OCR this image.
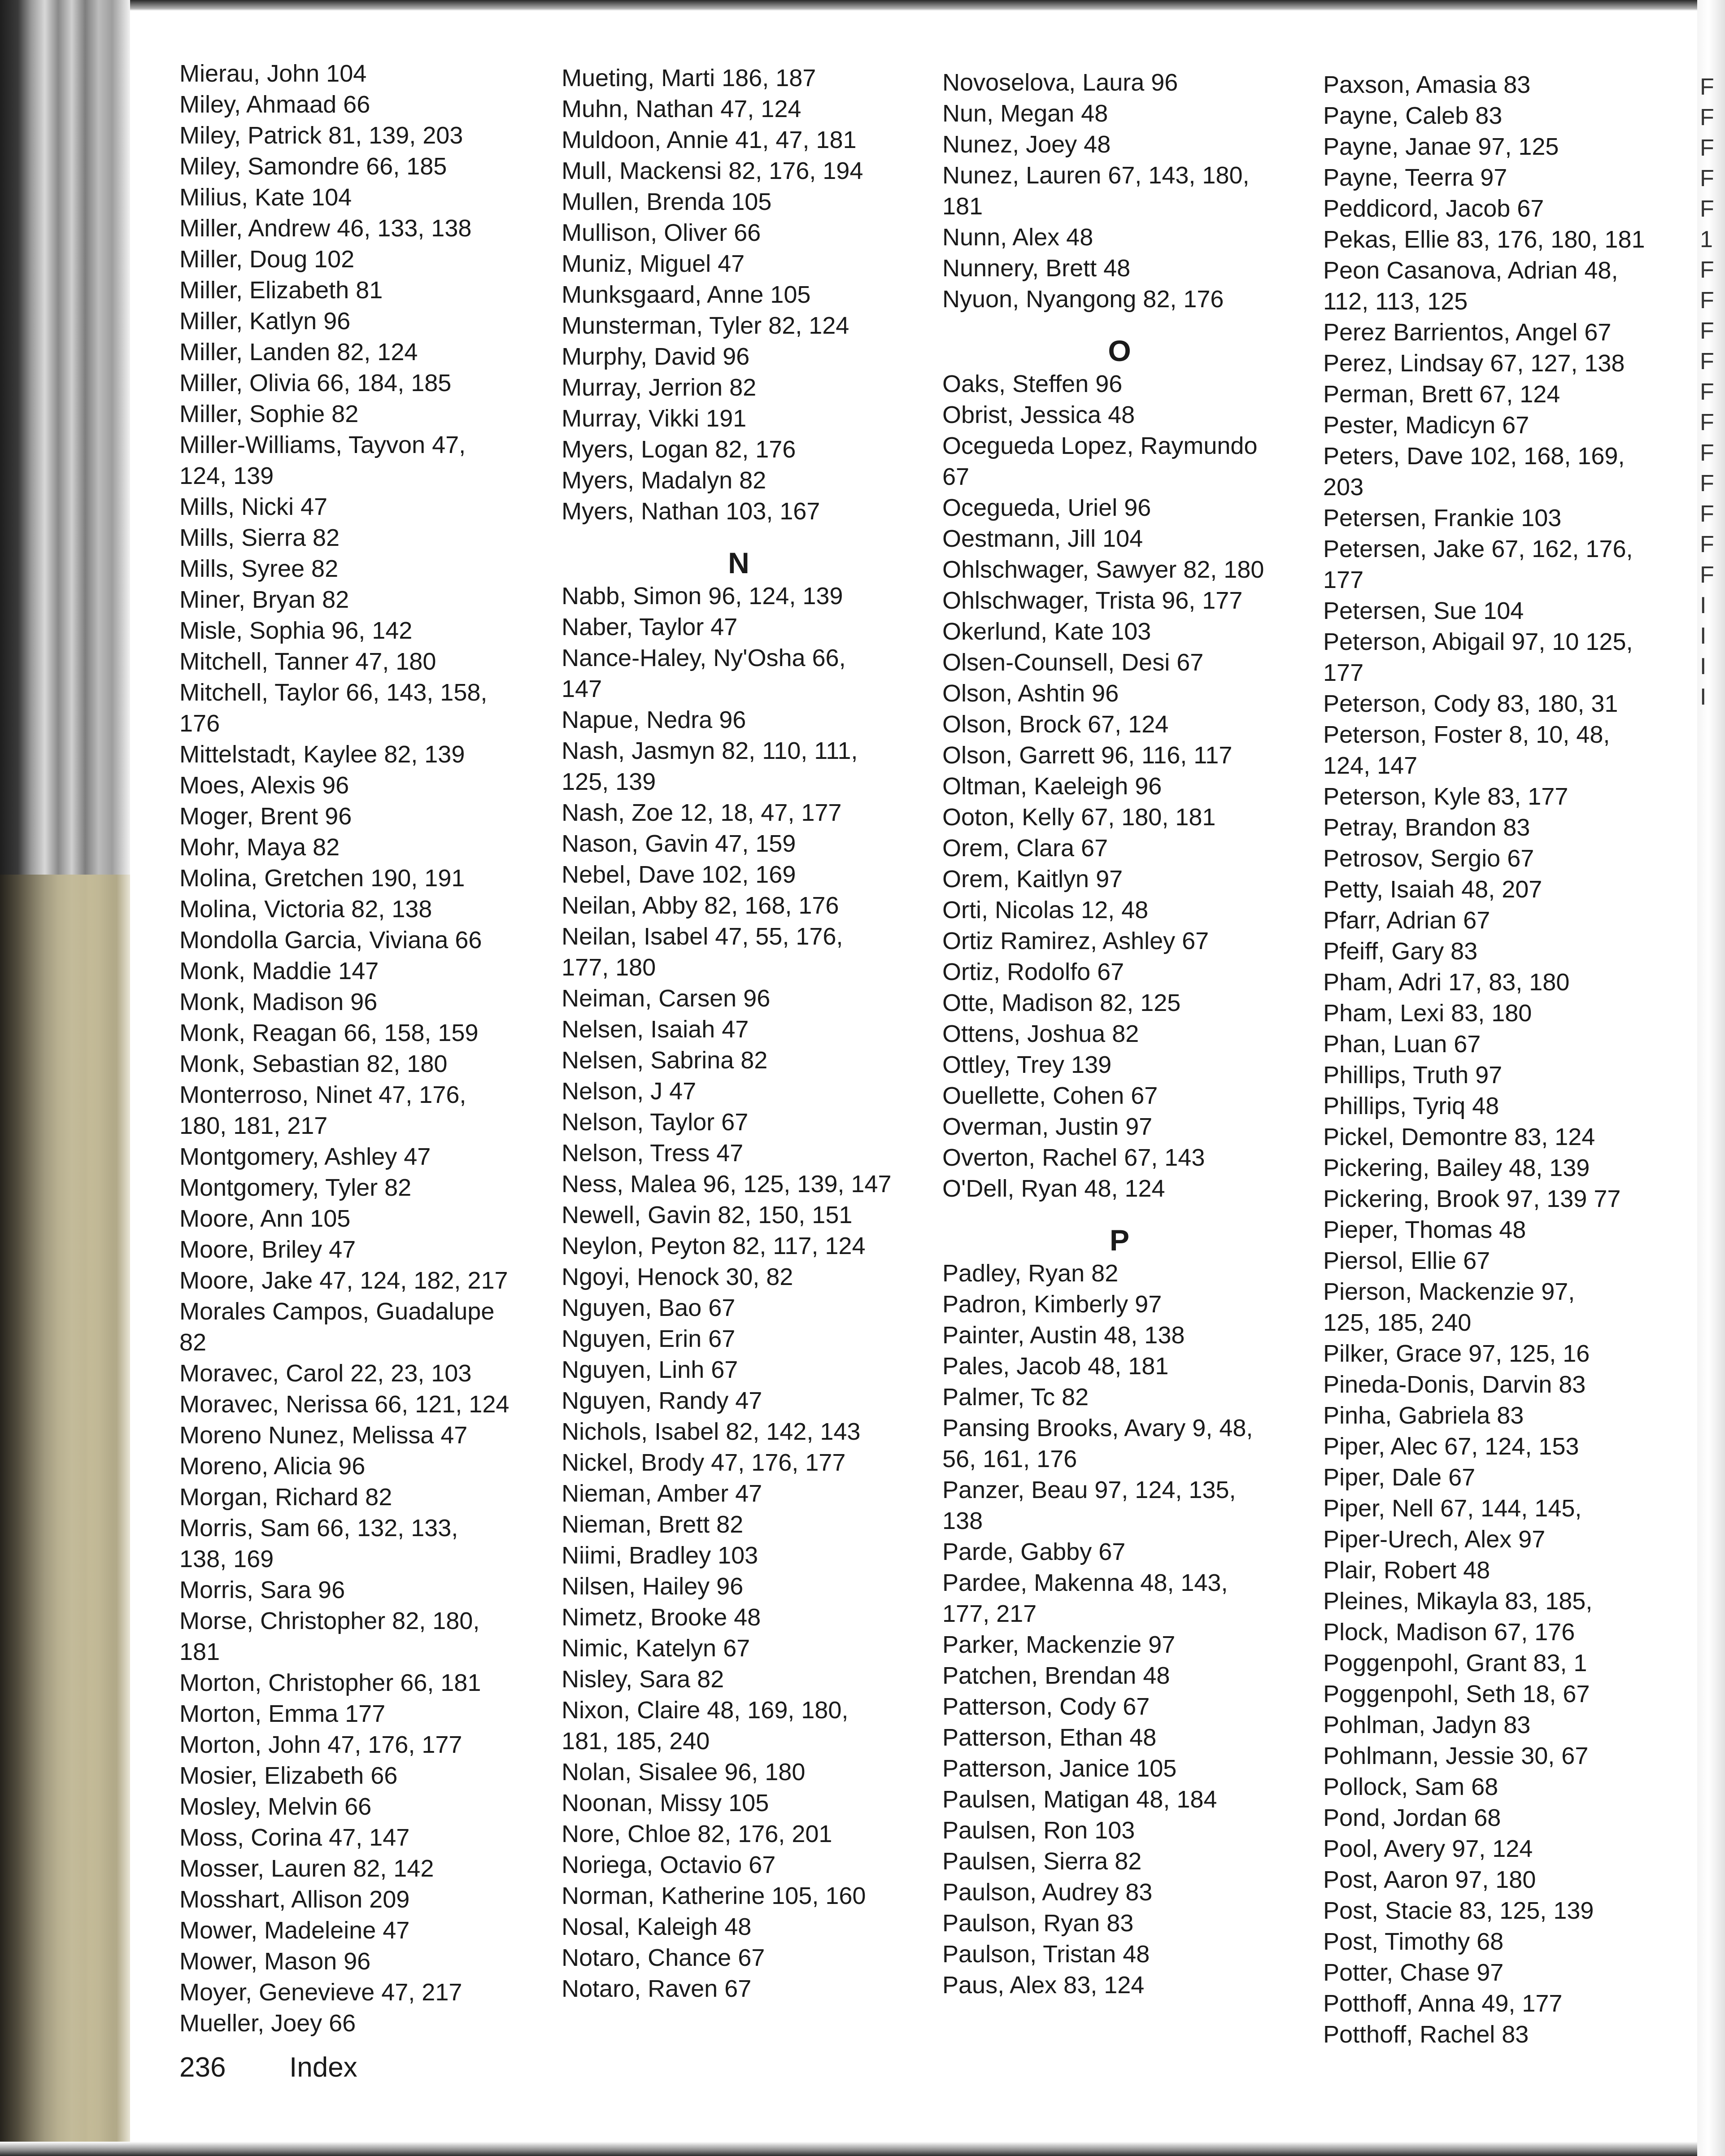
F
F
F
F
F
1
F
F
F
F
F
F
F
F
F
F
F
I
I
I
I
Mierau, John 104
Miley, Ahmaad 66
Miley, Patrick 81, 139, 203
Miley, Samondre 66, 185
Milius, Kate 104
Miller, Andrew 46, 133, 138
Miller, Doug 102
Miller, Elizabeth 81
Miller, Katlyn 96
Miller, Landen 82, 124
Miller, Olivia 66, 184, 185
Miller, Sophie 82
Miller-Williams, Tayvon 47,
124, 139
Mills, Nicki 47
Mills, Sierra 82
Mills, Syree 82
Miner, Bryan 82
Misle, Sophia 96, 142
Mitchell, Tanner 47, 180
Mitchell, Taylor 66, 143, 158,
176
Mittelstadt, Kaylee 82, 139
Moes, Alexis 96
Moger, Brent 96
Mohr, Maya 82
Molina, Gretchen 190, 191
Molina, Victoria 82, 138
Mondolla Garcia, Viviana 66
Monk, Maddie 147
Monk, Madison 96
Monk, Reagan 66, 158, 159
Monk, Sebastian 82, 180
Monterroso, Ninet 47, 176,
180, 181, 217
Montgomery, Ashley 47
Montgomery, Tyler 82
Moore, Ann 105
Moore, Briley 47
Moore, Jake 47, 124, 182, 217
Morales Campos, Guadalupe
82
Moravec, Carol 22, 23, 103
Moravec, Nerissa 66, 121, 124
Moreno Nunez, Melissa 47
Moreno, Alicia 96
Morgan, Richard 82
Morris, Sam 66, 132, 133,
138, 169
Morris, Sara 96
Morse, Christopher 82, 180,
181
Morton, Christopher 66, 181
Morton, Emma 177
Morton, John 47, 176, 177
Mosier, Elizabeth 66
Mosley, Melvin 66
Moss, Corina 47, 147
Mosser, Lauren 82, 142
Mosshart, Allison 209
Mower, Madeleine 47
Mower, Mason 96
Moyer, Genevieve 47, 217
Mueller, Joey 66
Mueting, Marti 186, 187
Muhn, Nathan 47, 124
Muldoon, Annie 41, 47, 181
Mull, Mackensi 82, 176, 194
Mullen, Brenda 105
Mullison, Oliver 66
Muniz, Miguel 47
Munksgaard, Anne 105
Munsterman, Tyler 82, 124
Murphy, David 96
Murray, Jerrion 82
Murray, Vikki 191
Myers, Logan 82, 176
Myers, Madalyn 82
Myers, Nathan 103, 167
N
Nabb, Simon 96, 124, 139
Naber, Taylor 47
Nance-Haley, Ny'Osha 66,
147
Napue, Nedra 96
Nash, Jasmyn 82, 110, 111,
125, 139
Nash, Zoe 12, 18, 47, 177
Nason, Gavin 47, 159
Nebel, Dave 102, 169
Neilan, Abby 82, 168, 176
Neilan, Isabel 47, 55, 176,
177, 180
Neiman, Carsen 96
Nelsen, Isaiah 47
Nelsen, Sabrina 82
Nelson, J 47
Nelson, Taylor 67
Nelson, Tress 47
Ness, Malea 96, 125, 139, 147
Newell, Gavin 82, 150, 151
Neylon, Peyton 82, 117, 124
Ngoyi, Henock 30, 82
Nguyen, Bao 67
Nguyen, Erin 67
Nguyen, Linh 67
Nguyen, Randy 47
Nichols, Isabel 82, 142, 143
Nickel, Brody 47, 176, 177
Nieman, Amber 47
Nieman, Brett 82
Niimi, Bradley 103
Nilsen, Hailey 96
Nimetz, Brooke 48
Nimic, Katelyn 67
Nisley, Sara 82
Nixon, Claire 48, 169, 180,
181, 185, 240
Nolan, Sisalee 96, 180
Noonan, Missy 105
Nore, Chloe 82, 176, 201
Noriega, Octavio 67
Norman, Katherine 105, 160
Nosal, Kaleigh 48
Notaro, Chance 67
Notaro, Raven 67
Novoselova, Laura 96
Nun, Megan 48
Nunez, Joey 48
Nunez, Lauren 67, 143, 180,
181
Nunn, Alex 48
Nunnery, Brett 48
Nyuon, Nyangong 82, 176
O
Oaks, Steffen 96
Obrist, Jessica 48
Ocegueda Lopez, Raymundo
67
Ocegueda, Uriel 96
Oestmann, Jill 104
Ohlschwager, Sawyer 82, 180
Ohlschwager, Trista 96, 177
Okerlund, Kate 103
Olsen-Counsell, Desi 67
Olson, Ashtin 96
Olson, Brock 67, 124
Olson, Garrett 96, 116, 117
Oltman, Kaeleigh 96
Ooton, Kelly 67, 180, 181
Orem, Clara 67
Orem, Kaitlyn 97
Orti, Nicolas 12, 48
Ortiz Ramirez, Ashley 67
Ortiz, Rodolfo 67
Otte, Madison 82, 125
Ottens, Joshua 82
Ottley, Trey 139
Ouellette, Cohen 67
Overman, Justin 97
Overton, Rachel 67, 143
O'Dell, Ryan 48, 124
P
Padley, Ryan 82
Padron, Kimberly 97
Painter, Austin 48, 138
Pales, Jacob 48, 181
Palmer, Tc 82
Pansing Brooks, Avary 9, 48,
56, 161, 176
Panzer, Beau 97, 124, 135,
138
Parde, Gabby 67
Pardee, Makenna 48, 143,
177, 217
Parker, Mackenzie 97
Patchen, Brendan 48
Patterson, Cody 67
Patterson, Ethan 48
Patterson, Janice 105
Paulsen, Matigan 48, 184
Paulsen, Ron 103
Paulsen, Sierra 82
Paulson, Audrey 83
Paulson, Ryan 83
Paulson, Tristan 48
Paus, Alex 83, 124
Paxson, Amasia 83
Payne, Caleb 83
Payne, Janae 97, 125
Payne, Teerra 97
Peddicord, Jacob 67
Pekas, Ellie 83, 176, 180, 181
Peon Casanova, Adrian 48,
112, 113, 125
Perez Barrientos, Angel 67
Perez, Lindsay 67, 127, 138
Perman, Brett 67, 124
Pester, Madicyn 67
Peters, Dave 102, 168, 169,
203
Petersen, Frankie 103
Petersen, Jake 67, 162, 176,
177
Petersen, Sue 104
Peterson, Abigail 97, 10 125,
177
Peterson, Cody 83, 180, 31
Peterson, Foster 8, 10, 48,
124, 147
Peterson, Kyle 83, 177
Petray, Brandon 83
Petrosov, Sergio 67
Petty, Isaiah 48, 207
Pfarr, Adrian 67
Pfeiff, Gary 83
Pham, Adri 17, 83, 180
Pham, Lexi 83, 180
Phan, Luan 67
Phillips, Truth 97
Phillips, Tyriq 48
Pickel, Demontre 83, 124
Pickering, Bailey 48, 139
Pickering, Brook 97, 139 77
Pieper, Thomas 48
Piersol, Ellie 67
Pierson, Mackenzie 97,
125, 185, 240
Pilker, Grace 97, 125, 16
Pineda-Donis, Darvin 83
Pinha, Gabriela 83
Piper, Alec 67, 124, 153
Piper, Dale 67
Piper, Nell 67, 144, 145,
Piper-Urech, Alex 97
Plair, Robert 48
Pleines, Mikayla 83, 185,
Plock, Madison 67, 176
Poggenpohl, Grant 83, 1
Poggenpohl, Seth 18, 67
Pohlman, Jadyn 83
Pohlmann, Jessie 30, 67
Pollock, Sam 68
Pond, Jordan 68
Pool, Avery 97, 124
Post, Aaron 97, 180
Post, Stacie 83, 125, 139
Post, Timothy 68
Potter, Chase 97
Potthoff, Anna 49, 177
Potthoff, Rachel 83
236 Index
